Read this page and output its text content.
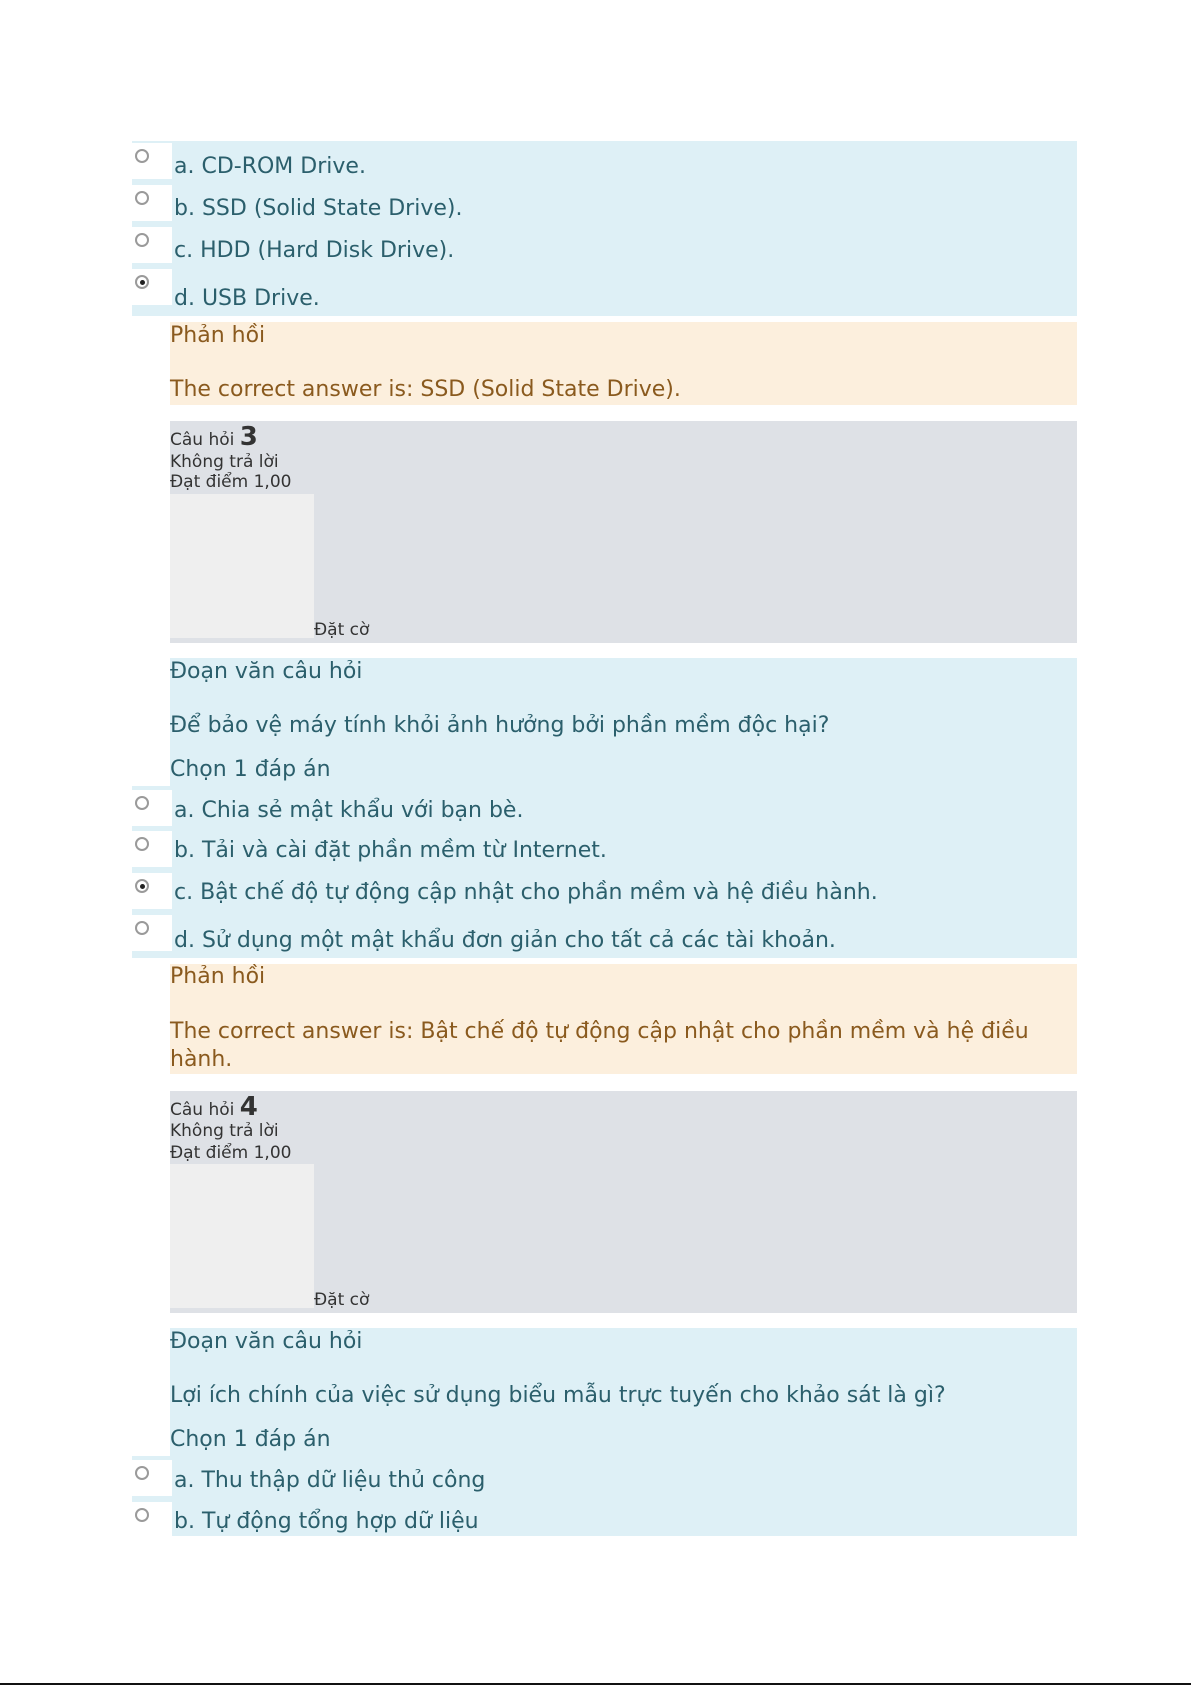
a. CD-ROM Drive.
b. SSD (Solid State Drive).
c. HDD (Hard Disk Drive).
d. USB Drive.
Phản hồi
The correct answer is: SSD (Solid State Drive).
Câu hỏi 3
Không trả lời
Đạt điểm 1,00
Đặt cờ
Đoạn văn câu hỏi
Để bảo vệ máy tính khỏi ảnh hưởng bởi phần mềm độc hại?
Chọn 1 đáp án
a. Chia sẻ mật khẩu với bạn bè.
b. Tải và cài đặt phần mềm từ Internet.
c. Bật chế độ tự động cập nhật cho phần mềm và hệ điều hành.
d. Sử dụng một mật khẩu đơn giản cho tất cả các tài khoản.
Phản hồi
The correct answer is: Bật chế độ tự động cập nhật cho phần mềm và hệ điều hành.
Câu hỏi 4
Không trả lời
Đạt điểm 1,00
Đặt cờ
Đoạn văn câu hỏi
Lợi ích chính của việc sử dụng biểu mẫu trực tuyến cho khảo sát là gì?
Chọn 1 đáp án
a. Thu thập dữ liệu thủ công
b. Tự động tổng hợp dữ liệu
